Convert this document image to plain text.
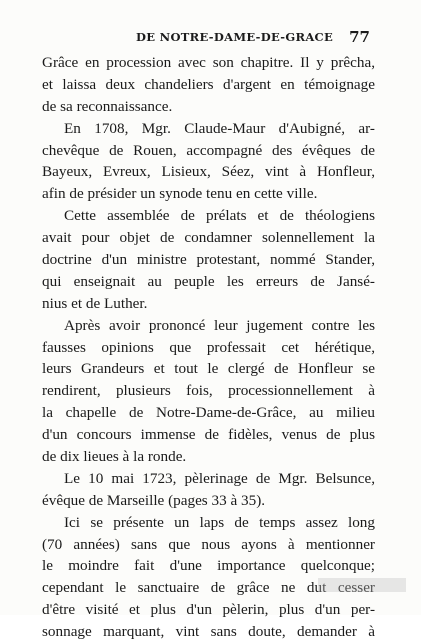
DE NOTRE-DAME-DE-GRACE 77
Grâce en procession avec son chapitre. Il y prêcha,
et laissa deux chandeliers d'argent en témoignage
de sa reconnaissance.
En 1708, Mgr. Claude-Maur d'Aubigné, ar-
chevêque de Rouen, accompagné des évêques de
Bayeux, Evreux, Lisieux, Séez, vint à Honfleur,
afin de présider un synode tenu en cette ville.
Cette assemblée de prélats et de théologiens
avait pour objet de condamner solennellement la
doctrine d'un ministre protestant, nommé Stander,
qui enseignait au peuple les erreurs de Jansé-
nius et de Luther.
Après avoir prononcé leur jugement contre les
fausses opinions que professait cet hérétique,
leurs Grandeurs et tout le clergé de Honfleur se
rendirent, plusieurs fois, processionnellement à
la chapelle de Notre-Dame-de-Grâce, au milieu
d'un concours immense de fidèles, venus de plus
de dix lieues à la ronde.
Le 10 mai 1723, pèlerinage de Mgr. Belsunce,
évêque de Marseille (pages 33 à 35).
Ici se présente un laps de temps assez long
(70 années) sans que nous ayons à mentionner
le moindre fait d'une importance quelconque;
cependant le sanctuaire de grâce ne dut cesser
d'être visité et plus d'un pèlerin, plus d'un per-
sonnage marquant, vint sans doute, demander à
